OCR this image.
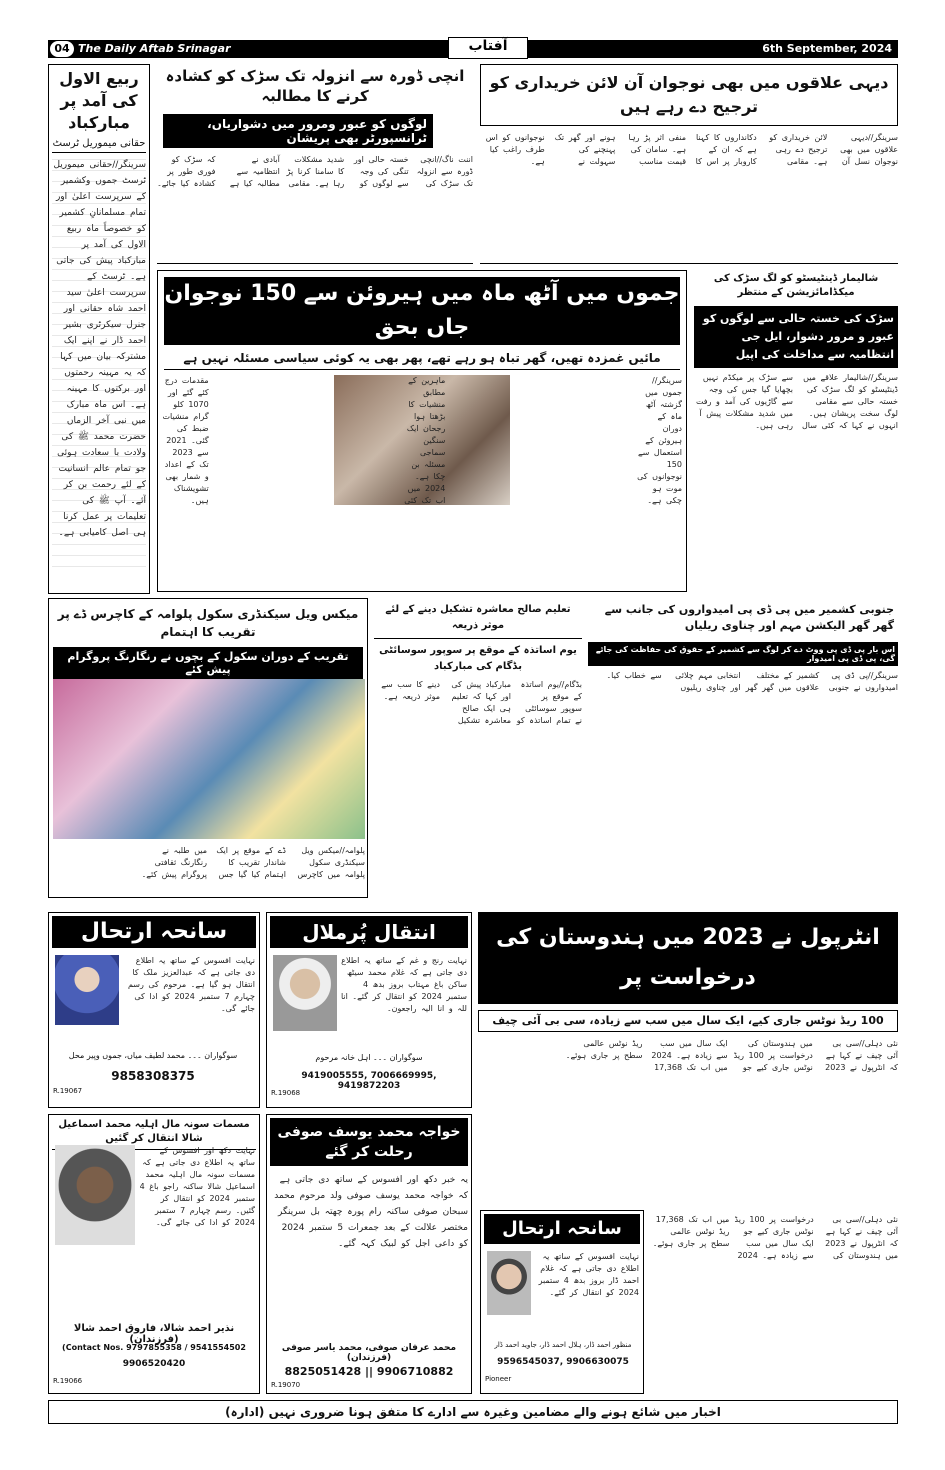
04 The Daily Aftab Srinagar	آفتاب	6th September, 2024
ربیع الاول کی آمد پر مبارکباد
حقانی میموریل ٹرسٹ
سرینگر//حقانی میموریل ٹرسٹ جموں وکشمیر کے سرپرست اعلیٰ اور تمام مسلمانانِ کشمیر کو خصوصاً ماہ ربیع الاول کی آمد پر مبارکباد پیش کی جاتی ہے۔ ٹرسٹ کے سرپرست اعلیٰ سید احمد شاہ حقانی اور جنرل سیکرٹری بشیر احمد ڈار نے اپنے ایک مشترکہ بیان میں کہا کہ یہ مہینہ رحمتوں اور برکتوں کا مہینہ ہے۔ اس ماہ مبارک میں نبی آخر الزماں حضرت محمد ﷺ کی ولادت با سعادت ہوئی جو تمام عالم انسانیت کے لئے رحمت بن کر آئے۔ آپ ﷺ کی تعلیمات پر عمل کرنا ہی اصل کامیابی ہے۔
انچی ڈورہ سے انزولہ تک سڑک کو کشادہ کرنے کا مطالبہ
لوگوں کو عبور ومرور میں دشواریاں، ٹرانسپورٹر بھی پریشان
اننت ناگ//انچی ڈورہ سے انزولہ تک سڑک کی خستہ حالی اور تنگی کی وجہ سے لوگوں کو شدید مشکلات کا سامنا کرنا پڑ رہا ہے۔ مقامی آبادی نے انتظامیہ سے مطالبہ کیا ہے کہ سڑک کو فوری طور پر کشادہ کیا جائے۔
دیہی علاقوں میں بھی نوجوان آن لائن خریداری کو ترجیح دے رہے ہیں
سرینگر//دیہی علاقوں میں بھی نوجوان نسل آن لائن خریداری کو ترجیح دے رہی ہے۔ مقامی دکانداروں کا کہنا ہے کہ ان کے کاروبار پر اس کا منفی اثر پڑ رہا ہے۔ سامان کی قیمت مناسب ہونے اور گھر تک پہنچنے کی سہولت نے نوجوانوں کو اس طرف راغب کیا ہے۔
جموں میں آٹھ ماہ میں ہیروئن سے 150 نوجوان جاں بحق
مائیں غمزدہ تھیں، گھر تباہ ہو رہے تھے، پھر بھی یہ کوئی سیاسی مسئلہ نہیں ہے
سرینگر//جموں میں گزشتہ آٹھ ماہ کے دوران ہیروئن کے استعمال سے 150 نوجوانوں کی موت ہو چکی ہے۔ ماہرین کے مطابق منشیات کا بڑھتا ہوا رجحان ایک سنگین سماجی مسئلہ بن چکا ہے۔ 2024 میں اب تک کئی مقدمات درج کئے گئے اور 1070 کلو گرام منشیات ضبط کی گئی۔ 2021 سے 2023 تک کے اعداد و شمار بھی تشویشناک ہیں۔
شالیمار ڈینٹیسٹو کو لگ سڑک کی میکڈامائزیشن کے منتظر
سڑک کی خستہ حالی سے لوگوں کو عبور و مرور دشوار، ایل جی انتظامیہ سے مداخلت کی اپیل
سرینگر//شالیمار علاقے میں ڈینٹیسٹو کو لگ سڑک کی خستہ حالی سے مقامی لوگ سخت پریشان ہیں۔ انہوں نے کہا کہ کئی سال سے سڑک پر میکڈم نہیں بچھایا گیا جس کی وجہ سے گاڑیوں کی آمد و رفت میں شدید مشکلات پیش آ رہی ہیں۔
میکس ویل سیکنڈری سکول پلوامہ کے کاچرس ڈے پر تقریب کا اہتمام
تقریب کے دوران سکول کے بچوں نے رنگارنگ پروگرام پیش کئے
پلوامہ//میکس ویل سیکنڈری سکول پلوامہ میں کاچرس ڈے کے موقع پر ایک شاندار تقریب کا اہتمام کیا گیا جس میں طلبہ نے رنگارنگ ثقافتی پروگرام پیش کئے۔
تعلیم صالح معاشرہ تشکیل دینے کے لئے موثر ذریعہ
یوم اساتذہ کے موقع پر سوپور سوسائٹی بڈگام کی مبارکباد
بڈگام//یوم اساتذہ کے موقع پر سوپور سوسائٹی نے تمام اساتذہ کو مبارکباد پیش کی اور کہا کہ تعلیم ہی ایک صالح معاشرہ تشکیل دینے کا سب سے موثر ذریعہ ہے۔
جنوبی کشمیر میں پی ڈی پی امیدواروں کی جانب سے گھر گھر الیکشن مہم اور چناوی ریلیاں
اس بار پی ڈی پی ووٹ دے کر لوگ سے کشمیر کے حقوق کی حفاظت کی جائے گی، پی ڈی پی امیدوار
سرینگر//پی ڈی پی امیدواروں نے جنوبی کشمیر کے مختلف علاقوں میں گھر گھر انتخابی مہم چلائی اور چناوی ریلیوں سے خطاب کیا۔
سانحہ ارتحال
نہایت افسوس کے ساتھ یہ اطلاع دی جاتی ہے کہ عبدالعزیز ملک کا انتقال ہو گیا ہے۔ مرحوم کی رسم چہارم 7 ستمبر 2024 کو ادا کی جائے گی۔
سوگواران ۔۔۔ محمد لطیف میاں، جموں وپیر محل
9858308375
R.19067
انتقال پُرملال
نہایت رنج و غم کے ساتھ یہ اطلاع دی جاتی ہے کہ غلام محمد سیٹھ ساکن باغ مہتاب بروز بدھ 4 ستمبر 2024 کو انتقال کر گئے۔ انا للہ و انا الیہ راجعون۔
سوگواران ۔۔۔ اہل خانہ مرحوم
9419005555, 7006669995, 9419872203
R.19068
انٹرپول نے 2023 میں ہندوستان کی درخواست پر
100 ریڈ نوٹس جاری کیے، ایک سال میں سب سے زیادہ، سی بی آئی چیف
نئی دہلی//سی بی آئی چیف نے کہا ہے کہ انٹرپول نے 2023 میں ہندوستان کی درخواست پر 100 ریڈ نوٹس جاری کیے جو ایک سال میں سب سے زیادہ ہے۔ 2024 میں اب تک 17,368 ریڈ نوٹس عالمی سطح پر جاری ہوئے۔
مسمات سونہ مال اہلیہ محمد اسماعیل شالا انتقال کر گئیں
نہایت دکھ اور افسوس کے ساتھ یہ اطلاع دی جاتی ہے کہ مسمات سونہ مال اہلیہ محمد اسماعیل شالا ساکنہ راجو باغ 4 ستمبر 2024 کو انتقال کر گئیں۔ رسم چہارم 7 ستمبر 2024 کو ادا کی جائے گی۔
نذیر احمد شالا، فاروق احمد شالا (فرزندان)
(Contact Nos. 9797855358 / 9541554502
9906520420
R.19066
خواجہ محمد یوسف صوفی رحلت کر گئے
یہ خبر دکھ اور افسوس کے ساتھ دی جاتی ہے کہ خواجہ محمد یوسف صوفی ولد مرحوم محمد سبحان صوفی ساکنہ رام پورہ چھتہ بل سرینگر مختصر علالت کے بعد جمعرات 5 ستمبر 2024 کو داعی اجل کو لبیک کہہ گئے۔
محمد عرفان صوفی، محمد یاسر صوفی (فرزندان)
8825051428 || 9906710882
R.19070
سانحہ ارتحال
نہایت افسوس کے ساتھ یہ اطلاع دی جاتی ہے کہ غلام احمد ڈار بروز بدھ 4 ستمبر 2024 کو انتقال کر گئے۔
منظور احمد ڈار، ہلال احمد ڈار، جاوید احمد ڈار
9596545037, 9906630075
Pioneer
نئی دہلی//سی بی آئی چیف نے کہا ہے کہ انٹرپول نے 2023 میں ہندوستان کی درخواست پر 100 ریڈ نوٹس جاری کیے جو ایک سال میں سب سے زیادہ ہے۔ 2024 میں اب تک 17,368 ریڈ نوٹس عالمی سطح پر جاری ہوئے۔
اخبار میں شائع ہونے والے مضامین وغیرہ سے ادارے کا متفق ہونا ضروری نہیں (ادارہ)
